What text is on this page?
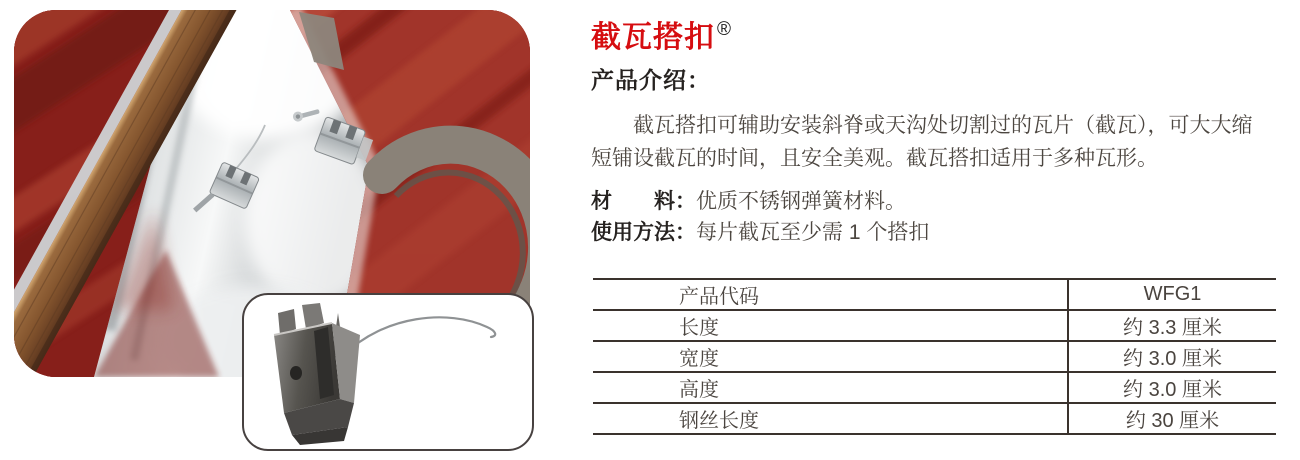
截瓦搭扣 ®
产品介绍：
截瓦搭扣可辅助安装斜脊或天沟处切割过的瓦片（截瓦），可大大缩
短铺设截瓦的时间，且安全美观。截瓦搭扣适用于多种瓦形。
材　　料：优质不锈钢弹簧材料。
使用方法：每片截瓦至少需 1 个搭扣
产品代码	WFG1
长度	约 3.3 厘米
宽度	约 3.0 厘米
高度	约 3.0 厘米
钢丝长度	约 30 厘米
